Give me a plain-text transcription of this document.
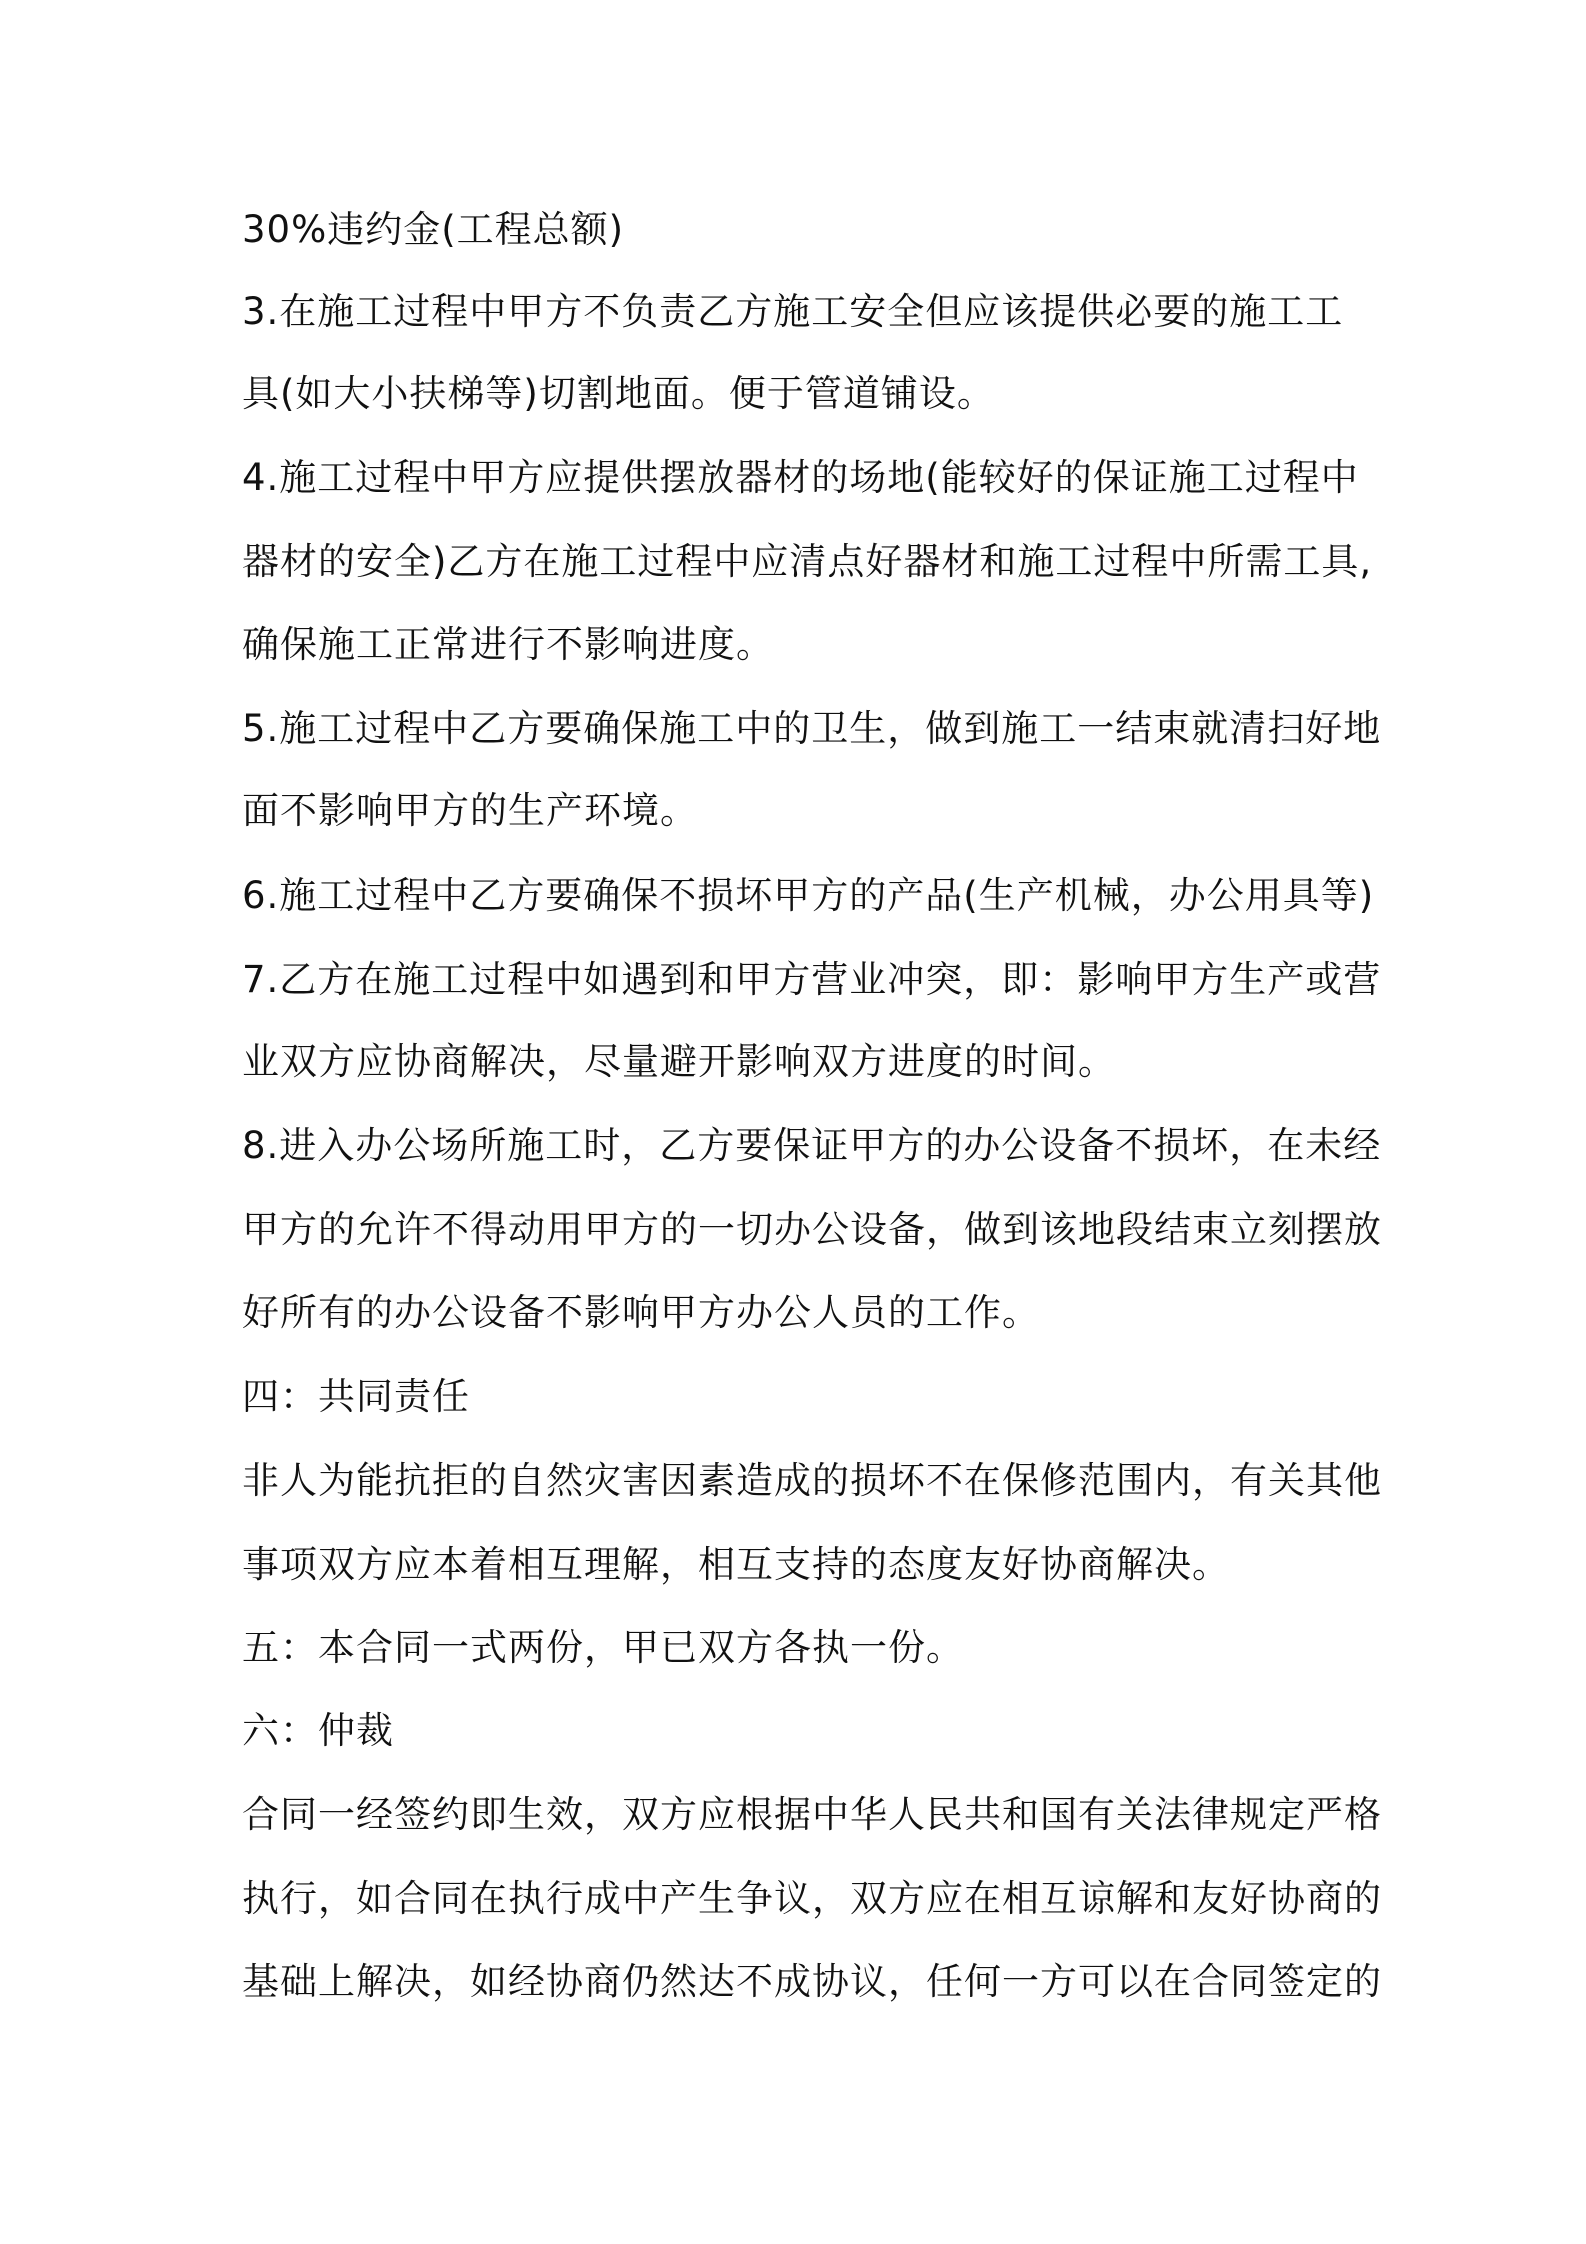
30%违约金(工程总额)
3.在施工过程中甲方不负责乙方施工安全但应该提供必要的施工工
具(如大小扶梯等)切割地面。便于管道铺设。
4.施工过程中甲方应提供摆放器材的场地(能较好的保证施工过程中
器材的安全)乙方在施工过程中应清点好器材和施工过程中所需工具,
确保施工正常进行不影响进度。
5.施工过程中乙方要确保施工中的卫生，做到施工一结束就清扫好地
面不影响甲方的生产环境。
6.施工过程中乙方要确保不损坏甲方的产品(生产机械，办公用具等)
7.乙方在施工过程中如遇到和甲方营业冲突，即：影响甲方生产或营
业双方应协商解决，尽量避开影响双方进度的时间。
8.进入办公场所施工时，乙方要保证甲方的办公设备不损坏，在未经
甲方的允许不得动用甲方的一切办公设备，做到该地段结束立刻摆放
好所有的办公设备不影响甲方办公人员的工作。
四：共同责任
非人为能抗拒的自然灾害因素造成的损坏不在保修范围内，有关其他
事项双方应本着相互理解，相互支持的态度友好协商解决。
五：本合同一式两份，甲已双方各执一份。
六：仲裁
合同一经签约即生效，双方应根据中华人民共和国有关法律规定严格
执行，如合同在执行成中产生争议，双方应在相互谅解和友好协商的
基础上解决，如经协商仍然达不成协议，任何一方可以在合同签定的
